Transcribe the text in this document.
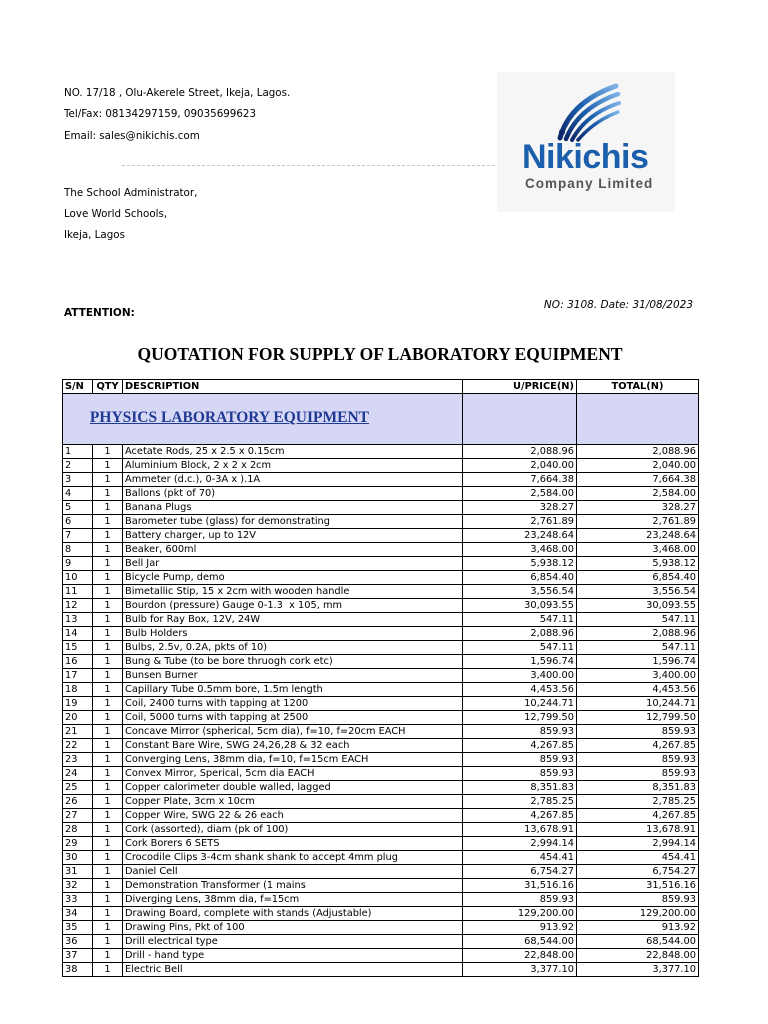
NO. 17/18 , Olu-Akerele Street, Ikeja, Lagos.
Tel/Fax: 08134297159, 09035699623
Email: sales@nikichis.com
Nikichis
Company Limited
The School Administrator,
Love World Schools,
Ikeja, Lagos
NO: 3108. Date: 31/08/2023
ATTENTION:
QUOTATION FOR SUPPLY OF LABORATORY EQUIPMENT
S/N	QTY	DESCRIPTION	U/PRICE(N)	TOTAL(N)

PHYSICS LABORATORY EQUIPMENT		

1	1	Acetate Rods, 25 x 2.5 x 0.15cm	2,088.96	2,088.96
2	1	Aluminium Block, 2 x 2 x 2cm	2,040.00	2,040.00
3	1	Ammeter (d.c.), 0-3A x ).1A	7,664.38	7,664.38
4	1	Ballons (pkt of 70)	2,584.00	2,584.00
5	1	Banana Plugs	328.27	328.27
6	1	Barometer tube (glass) for demonstrating	2,761.89	2,761.89
7	1	Battery charger, up to 12V	23,248.64	23,248.64
8	1	Beaker, 600ml	3,468.00	3,468.00
9	1	Bell Jar	5,938.12	5,938.12
10	1	Bicycle Pump, demo	6,854.40	6,854.40
11	1	Bimetallic Stip, 15 x 2cm with wooden handle	3,556.54	3,556.54
12	1	Bourdon (pressure) Gauge 0-1.3  x 105, mm	30,093.55	30,093.55
13	1	Bulb for Ray Box, 12V, 24W	547.11	547.11
14	1	Bulb Holders	2,088.96	2,088.96
15	1	Bulbs, 2.5v, 0.2A, pkts of 10)	547.11	547.11
16	1	Bung & Tube (to be bore thruogh cork etc)	1,596.74	1,596.74
17	1	Bunsen Burner	3,400.00	3,400.00
18	1	Capillary Tube 0.5mm bore, 1.5m length	4,453.56	4,453.56
19	1	Coil, 2400 turns with tapping at 1200	10,244.71	10,244.71
20	1	Coil, 5000 turns with tapping at 2500	12,799.50	12,799.50
21	1	Concave Mirror (spherical, 5cm dia), f=10, f=20cm EACH	859.93	859.93
22	1	Constant Bare Wire, SWG 24,26,28 & 32 each	4,267.85	4,267.85
23	1	Converging Lens, 38mm dia, f=10, f=15cm EACH	859.93	859.93
24	1	Convex Mirror, Sperical, 5cm dia EACH	859.93	859.93
25	1	Copper calorimeter double walled, lagged	8,351.83	8,351.83
26	1	Copper Plate, 3cm x 10cm	2,785.25	2,785.25
27	1	Copper Wire, SWG 22 & 26 each	4,267.85	4,267.85
28	1	Cork (assorted), diam (pk of 100)	13,678.91	13,678.91
29	1	Cork Borers 6 SETS	2,994.14	2,994.14
30	1	Crocodile Clips 3-4cm shank shank to accept 4mm plug	454.41	454.41
31	1	Daniel Cell	6,754.27	6,754.27
32	1	Demonstration Transformer (1 mains	31,516.16	31,516.16
33	1	Diverging Lens, 38mm dia, f=15cm	859.93	859.93
34	1	Drawing Board, complete with stands (Adjustable)	129,200.00	129,200.00
35	1	Drawing Pins, Pkt of 100	913.92	913.92
36	1	Drill electrical type	68,544.00	68,544.00
37	1	Drill - hand type	22,848.00	22,848.00
38	1	Electric Bell	3,377.10	3,377.10
